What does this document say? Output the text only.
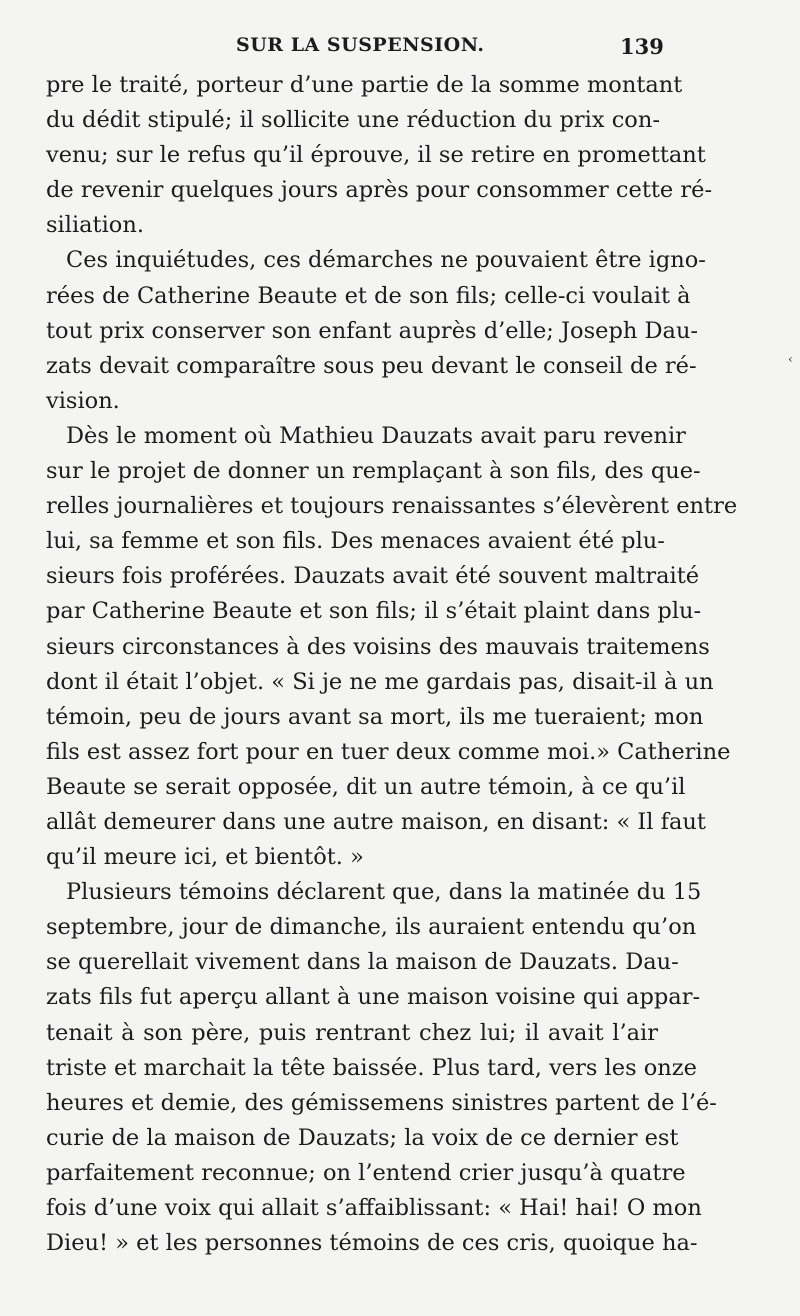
SUR LA SUSPENSION.	139
pre le traité, porteur d’une partie de la somme montant
du dédit stipulé; il sollicite une réduction du prix con-
venu; sur le refus qu’il éprouve, il se retire en promettant
de revenir quelques jours après pour consommer cette ré-
siliation.
Ces inquiétudes, ces démarches ne pouvaient être igno-
rées de Catherine Beaute et de son fils; celle-ci voulait à
tout prix conserver son enfant auprès d’elle; Joseph Dau-
zats devait comparaître sous peu devant le conseil de ré-
vision.
Dès le moment où Mathieu Dauzats avait paru revenir
sur le projet de donner un remplaçant à son fils, des que-
relles journalières et toujours renaissantes s’élevèrent entre
lui, sa femme et son fils. Des menaces avaient été plu-
sieurs fois proférées. Dauzats avait été souvent maltraité
par Catherine Beaute et son fils; il s’était plaint dans plu-
sieurs circonstances à des voisins des mauvais traitemens
dont il était l’objet. « Si je ne me gardais pas, disait-il à un
témoin, peu de jours avant sa mort, ils me tueraient; mon
fils est assez fort pour en tuer deux comme moi.» Catherine
Beaute se serait opposée, dit un autre témoin, à ce qu’il
allât demeurer dans une autre maison, en disant: « Il faut
qu’il meure ici, et bientôt. »
Plusieurs témoins déclarent que, dans la matinée du 15
septembre, jour de dimanche, ils auraient entendu qu’on
se querellait vivement dans la maison de Dauzats. Dau-
zats fils fut aperçu allant à une maison voisine qui appar-
tenait à son père, puis rentrant chez lui; il avait l’air
triste et marchait la tête baissée. Plus tard, vers les onze
heures et demie, des gémissemens sinistres partent de l’é-
curie de la maison de Dauzats; la voix de ce dernier est
parfaitement reconnue; on l’entend crier jusqu’à quatre
fois d’une voix qui allait s’affaiblissant: « Hai! hai! O mon
Dieu! » et les personnes témoins de ces cris, quoique ha-
‹
